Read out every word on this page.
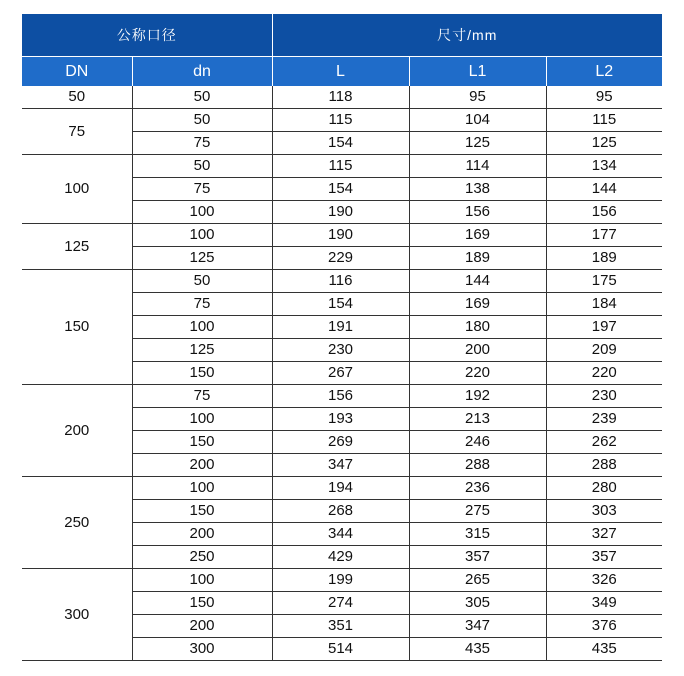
公称口径		尺寸/mm		
DN	dn	L	L1	L2
50	50	118	95	95
75	50	115	104	115
	75	154	125	125
100	50	115	114	134
	75	154	138	144
	100	190	156	156
125	100	190	169	177
	125	229	189	189
150	50	116	144	175
	75	154	169	184
	100	191	180	197
	125	230	200	209
	150	267	220	220
200	75	156	192	230
	100	193	213	239
	150	269	246	262
	200	347	288	288
250	100	194	236	280
	150	268	275	303
	200	344	315	327
	250	429	357	357
300	100	199	265	326
	150	274	305	349
	200	351	347	376
	300	514	435	435
